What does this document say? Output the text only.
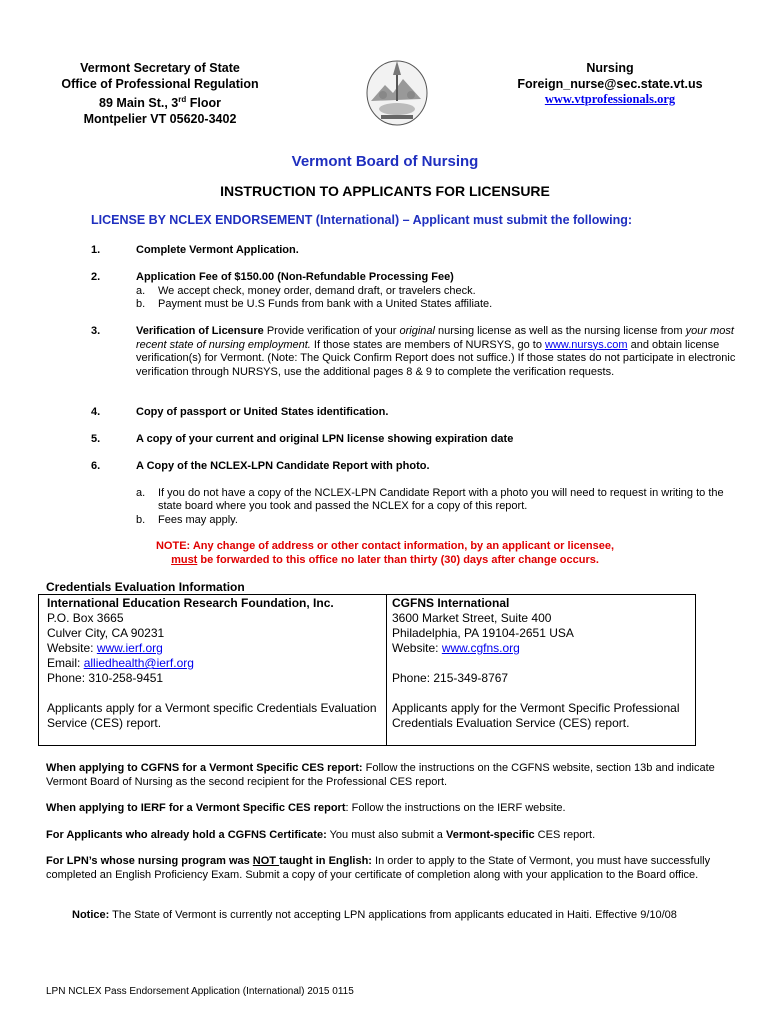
Vermont Secretary of State
Office of Professional Regulation
89 Main St., 3rd Floor
Montpelier VT 05620-3402
Nursing
Foreign_nurse@sec.state.vt.us
www.vtprofessionals.org
Vermont Board of Nursing
INSTRUCTION TO APPLICANTS FOR LICENSURE
LICENSE BY NCLEX ENDORSEMENT (International) – Applicant must submit the following:
1.	Complete Vermont Application.
2.	Application Fee of $150.00 (Non-Refundable Processing Fee)
a. We accept check, money order, demand draft, or travelers check.
b. Payment must be U.S Funds from bank with a United States affiliate.
3.	Verification of Licensure Provide verification of your original nursing license as well as the nursing license from your most recent state of nursing employment. If those states are members of NURSYS, go to www.nursys.com and obtain license verification(s) for Vermont. (Note: The Quick Confirm Report does not suffice.) If those states do not participate in electronic verification through NURSYS, use the additional pages 8 & 9 to complete the verification requests.
4.	Copy of passport or United States identification.
5.	A copy of your current and original LPN license showing expiration date
6.	A Copy of the NCLEX-LPN Candidate Report with photo.
a. If you do not have a copy of the NCLEX-LPN Candidate Report with a photo you will need to request in writing to the state board where you took and passed the NCLEX for a copy of this report.
b. Fees may apply.
NOTE: Any change of address or other contact information, by an applicant or licensee,
must be forwarded to this office no later than thirty (30) days after change occurs.
Credentials Evaluation Information
International Education Research Foundation, Inc.
P.O. Box 3665
Culver City, CA 90231
Website: www.ierf.org
Email: alliedhealth@ierf.org
Phone: 310-258-9451
Applicants apply for a Vermont specific Credentials Evaluation Service (CES) report.
CGFNS International
3600 Market Street, Suite 400
Philadelphia, PA 19104-2651 USA
Website: www.cgfns.org
Phone: 215-349-8767
Applicants apply for the Vermont Specific Professional Credentials Evaluation Service (CES) report.
When applying to CGFNS for a Vermont Specific CES report: Follow the instructions on the CGFNS website, section 13b and indicate Vermont Board of Nursing as the second recipient for the Professional CES report.
When applying to IERF for a Vermont Specific CES report: Follow the instructions on the IERF website.
For Applicants who already hold a CGFNS Certificate: You must also submit a Vermont-specific CES report.
For LPN’s whose nursing program was NOT taught in English: In order to apply to the State of Vermont, you must have successfully completed an English Proficiency Exam. Submit a copy of your certificate of completion along with your application to the Board office.
Notice: The State of Vermont is currently not accepting LPN applications from applicants educated in Haiti. Effective 9/10/08
LPN NCLEX Pass Endorsement Application (International) 2015 0115
